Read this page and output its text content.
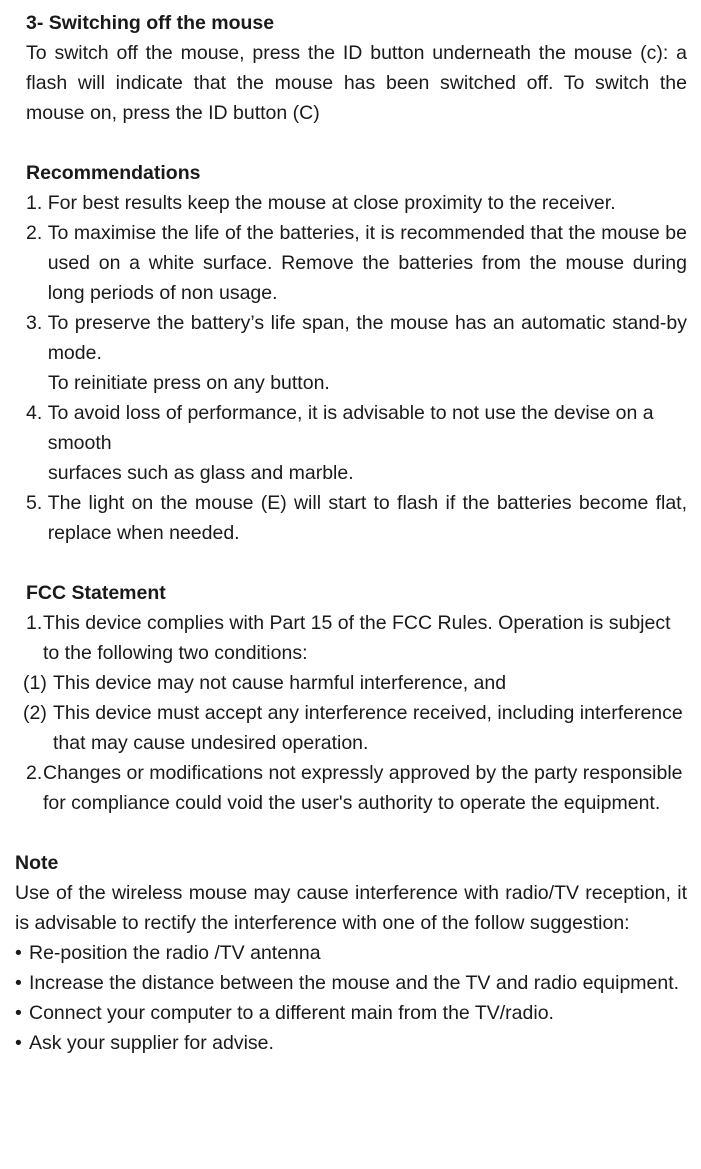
3- Switching off the mouse

To switch off the mouse, press the ID button underneath the mouse (c): a flash will indicate that the mouse has been switched off. To switch the mouse on, press the ID button (C)

Recommendations
1. For best results keep the mouse at close proximity to the receiver.
2. To maximise the life of the batteries, it is recommended that the mouse be used on a white surface. Remove the batteries from the mouse during long periods of non usage.
3. To preserve the battery’s life span, the mouse has an automatic stand-by mode.

To reinitiate press on any button.

4. To avoid loss of performance, it is advisable to not use the devise on a smooth

surfaces such as glass and marble.

5. The light on the mouse (E) will start to flash if the batteries become flat, replace when needed.
FCC Statement
1. This device complies with Part 15 of the FCC Rules. Operation is subject to the following two conditions:
(1) This device may not cause harmful interference, and
(2) This device must accept any interference received, including interference that may cause undesired operation.
2. Changes or modifications not expressly approved by the party responsible for compliance could void the user's authority to operate the equipment.
Note

Use of the wireless mouse may cause interference with radio/TV reception, it is advisable to rectify the interference with one of the follow suggestion:

• Re-position the radio /TV antenna
• Increase the distance between the mouse and the TV and radio equipment.
• Connect your computer to a different main from the TV/radio.
• Ask your supplier for advise.
